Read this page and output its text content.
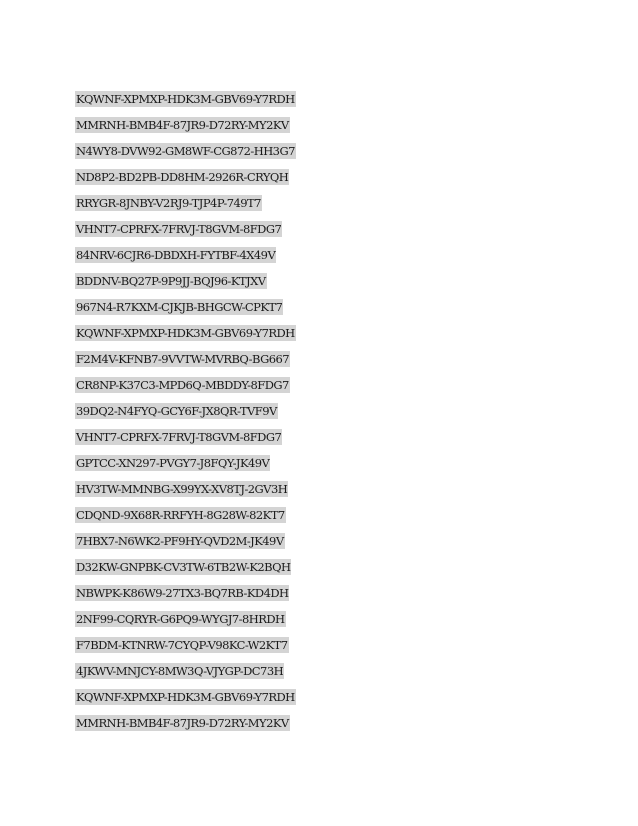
KQWNF-XPMXP-HDK3M-GBV69-Y7RDH
MMRNH-BMB4F-87JR9-D72RY-MY2KV
N4WY8-DVW92-GM8WF-CG872-HH3G7
ND8P2-BD2PB-DD8HM-2926R-CRYQH
RRYGR-8JNBY-V2RJ9-TJP4P-749T7
VHNT7-CPRFX-7FRVJ-T8GVM-8FDG7
84NRV-6CJR6-DBDXH-FYTBF-4X49V
BDDNV-BQ27P-9P9JJ-BQJ96-KTJXV
967N4-R7KXM-CJKJB-BHGCW-CPKT7
KQWNF-XPMXP-HDK3M-GBV69-Y7RDH
F2M4V-KFNB7-9VVTW-MVRBQ-BG667
CR8NP-K37C3-MPD6Q-MBDDY-8FDG7
39DQ2-N4FYQ-GCY6F-JX8QR-TVF9V
VHNT7-CPRFX-7FRVJ-T8GVM-8FDG7
GPTCC-XN297-PVGY7-J8FQY-JK49V
HV3TW-MMNBG-X99YX-XV8TJ-2GV3H
CDQND-9X68R-RRFYH-8G28W-82KT7
7HBX7-N6WK2-PF9HY-QVD2M-JK49V
D32KW-GNPBK-CV3TW-6TB2W-K2BQH
NBWPK-K86W9-27TX3-BQ7RB-KD4DH
2NF99-CQRYR-G6PQ9-WYGJ7-8HRDH
F7BDM-KTNRW-7CYQP-V98KC-W2KT7
4JKWV-MNJCY-8MW3Q-VJYGP-DC73H
KQWNF-XPMXP-HDK3M-GBV69-Y7RDH
MMRNH-BMB4F-87JR9-D72RY-MY2KV
